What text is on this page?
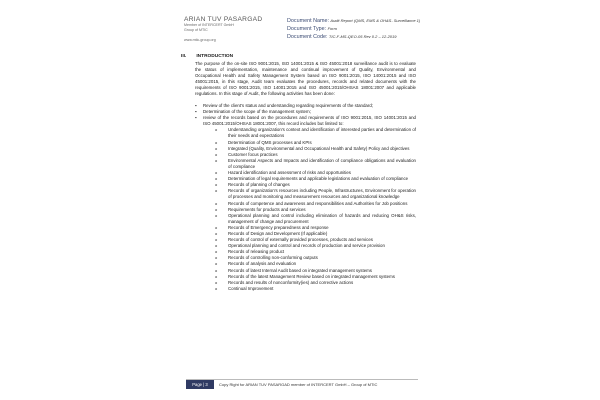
ARIAN TUV PASARGAD
Member of INTERCERT GmbH
Group of MTIC
www.mtic-group.org
Document Name: Audit Report (QMS, EMS & OH&S- Surveillance 1)
Document Type: Form
Document Code: TIC-F-MS-QEO-05 Rev 0.2 – 12-2019
III. INTRODUCTION

The purpose of the on-site ISO 9001:2015, ISO 14001:2015 & ISO 45001:2018 surveillance audit is to evaluate the status of implementation, maintenance and continual improvement of Quality, Environmental and Occupational Health and Safety Management System based on ISO 9001:2015, ISO 14001:2015 and ISO 45001:2015, in this stage, Audit team evaluates the procedures, records and related documents with the requirements of ISO 9001:2015, ISO 14001:2015 and ISO 45001:2015/OHSAS 18001:2007 and applicable regulations. In this stage of Audit, the following activities has been done:

▪ Review of the client's status and understanding regarding requirements of the standard;
▪ Determination of the scope of the management system;
▪ review of the records based on the procedures and requirements of ISO 9001:2015, ISO 14001:2015 and ISO 45001:2015/OHSAS 18001:2007, this record includes but limited to:
o Understanding organization's context and identification of interested parties and determination of their needs and expectations
o Determination of QMS processes and KPIs
o Integrated (Quality, Environmental and Occupational Health and Safety) Policy and objectives
o Customer focus practices
o Environmental Aspects and Impacts and identification of compliance obligations and evaluation of compliance
o Hazard identification and assessment of risks and opportunities
o Determination of legal requirements and applicable legislations and evaluation of compliance
o Records of planning of changes
o Records of organization's resources including People, Infrastructures, Environment for operation of processes and monitoring and measurement resources and organizational knowledge
o Records of competence and awareness and responsibilities and Authorities for Job positions
o Requirements for products and services
o Operational planning and control including elimination of hazards and reducing OH&S risks, management of change and procurement
o Records of Emergency preparedness and response
o Records of Design and Development (If applicable)
o Records of control of externally provided processes, products and services
o Operational planning and control and records of production and service provision
o Records of releasing product
o Records of controlling non-conforming outputs
o Records of analysis and evaluation
o Records of latest Internal Audit based on integrated management systems
o Records of the latest Management Review based on integrated management systems
o Records and results of nonconformity(ies) and corrective actions
o Continual Improvement
Page | 3	Copy Right for ARIAN TUV PASARGAD member of INTERCERT GmbH – Group of MTIC
